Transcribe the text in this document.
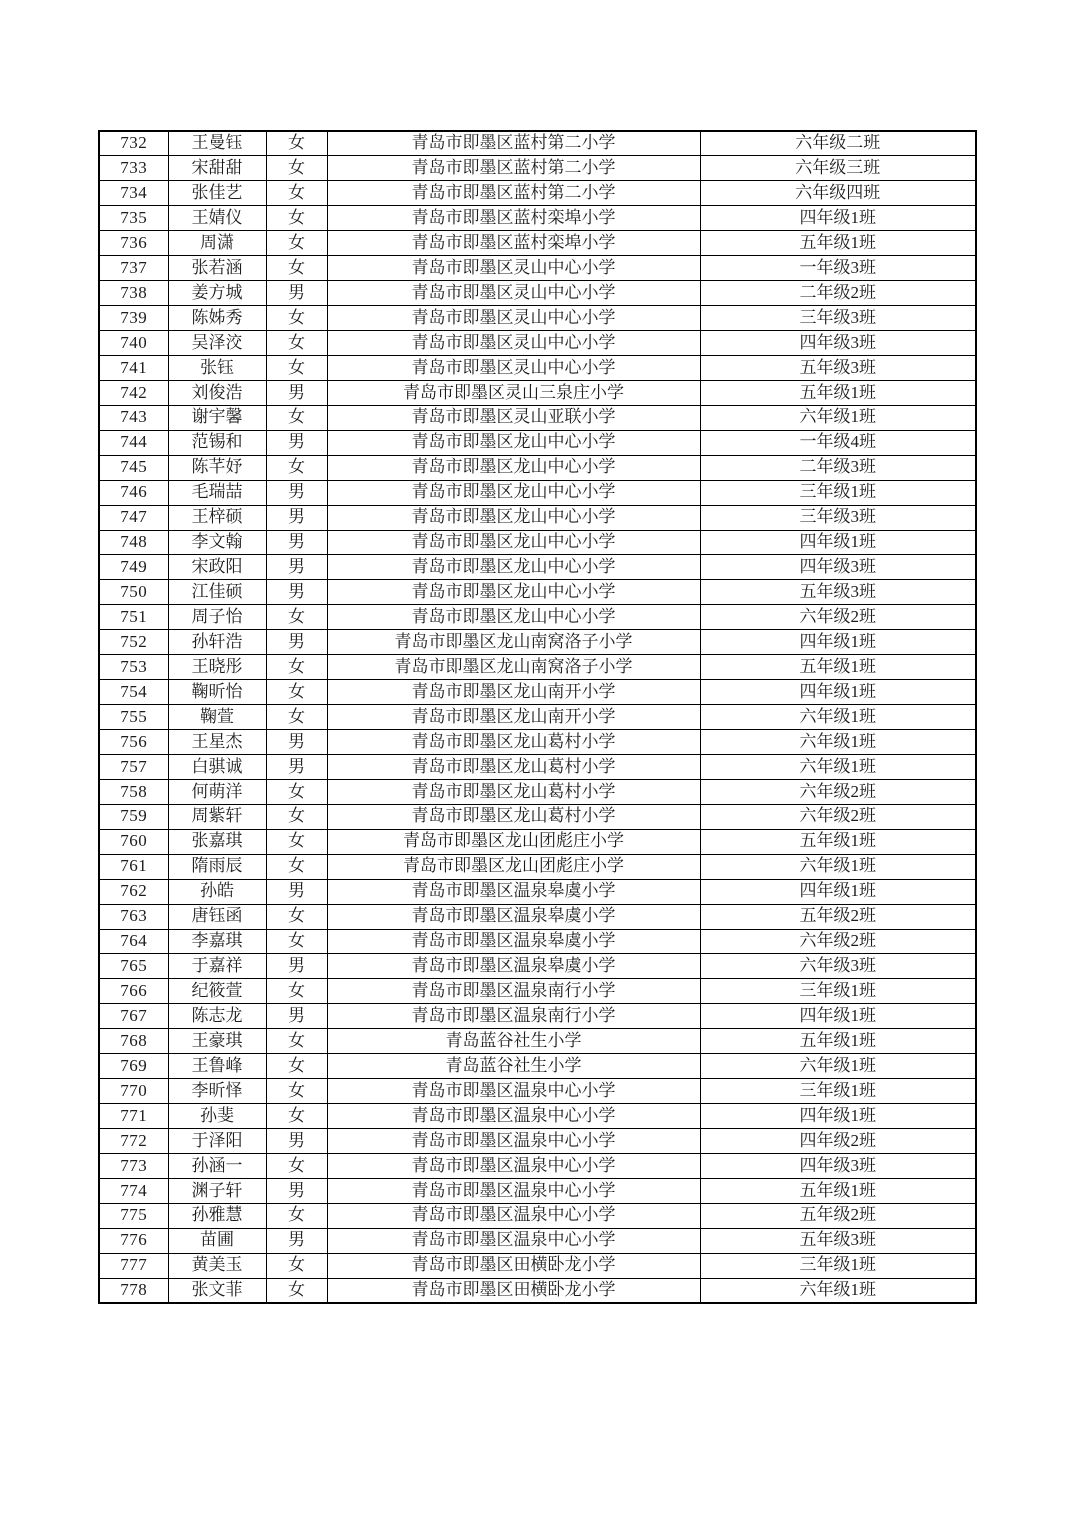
732	王曼钰	女	青岛市即墨区蓝村第二小学	六年级二班
733	宋甜甜	女	青岛市即墨区蓝村第二小学	六年级三班
734	张佳艺	女	青岛市即墨区蓝村第二小学	六年级四班
735	王婧仪	女	青岛市即墨区蓝村栾埠小学	四年级1班
736	周潇	女	青岛市即墨区蓝村栾埠小学	五年级1班
737	张若涵	女	青岛市即墨区灵山中心小学	一年级3班
738	姜方城	男	青岛市即墨区灵山中心小学	二年级2班
739	陈姊秀	女	青岛市即墨区灵山中心小学	三年级3班
740	吴泽洨	女	青岛市即墨区灵山中心小学	四年级3班
741	张钰	女	青岛市即墨区灵山中心小学	五年级3班
742	刘俊浩	男	青岛市即墨区灵山三泉庄小学	五年级1班
743	谢宇馨	女	青岛市即墨区灵山亚联小学	六年级1班
744	范锡和	男	青岛市即墨区龙山中心小学	一年级4班
745	陈芊妤	女	青岛市即墨区龙山中心小学	二年级3班
746	毛瑞喆	男	青岛市即墨区龙山中心小学	三年级1班
747	王梓硕	男	青岛市即墨区龙山中心小学	三年级3班
748	李文翰	男	青岛市即墨区龙山中心小学	四年级1班
749	宋政阳	男	青岛市即墨区龙山中心小学	四年级3班
750	江佳硕	男	青岛市即墨区龙山中心小学	五年级3班
751	周子怡	女	青岛市即墨区龙山中心小学	六年级2班
752	孙轩浩	男	青岛市即墨区龙山南窝洛子小学	四年级1班
753	王晓彤	女	青岛市即墨区龙山南窝洛子小学	五年级1班
754	鞠昕怡	女	青岛市即墨区龙山南开小学	四年级1班
755	鞠萱	女	青岛市即墨区龙山南开小学	六年级1班
756	王星杰	男	青岛市即墨区龙山葛村小学	六年级1班
757	白骐诚	男	青岛市即墨区龙山葛村小学	六年级1班
758	何萌洋	女	青岛市即墨区龙山葛村小学	六年级2班
759	周紫轩	女	青岛市即墨区龙山葛村小学	六年级2班
760	张嘉琪	女	青岛市即墨区龙山团彪庄小学	五年级1班
761	隋雨辰	女	青岛市即墨区龙山团彪庄小学	六年级1班
762	孙皓	男	青岛市即墨区温泉皋虞小学	四年级1班
763	唐钰函	女	青岛市即墨区温泉皋虞小学	五年级2班
764	李嘉琪	女	青岛市即墨区温泉皋虞小学	六年级2班
765	于嘉祥	男	青岛市即墨区温泉皋虞小学	六年级3班
766	纪筱萱	女	青岛市即墨区温泉南行小学	三年级1班
767	陈志龙	男	青岛市即墨区温泉南行小学	四年级1班
768	王豪琪	女	青岛蓝谷社生小学	五年级1班
769	王鲁峰	女	青岛蓝谷社生小学	六年级1班
770	李昕怿	女	青岛市即墨区温泉中心小学	三年级1班
771	孙斐	女	青岛市即墨区温泉中心小学	四年级1班
772	于泽阳	男	青岛市即墨区温泉中心小学	四年级2班
773	孙涵一	女	青岛市即墨区温泉中心小学	四年级3班
774	渊子轩	男	青岛市即墨区温泉中心小学	五年级1班
775	孙雅慧	女	青岛市即墨区温泉中心小学	五年级2班
776	苗圃	男	青岛市即墨区温泉中心小学	五年级3班
777	黄美玉	女	青岛市即墨区田横卧龙小学	三年级1班
778	张文菲	女	青岛市即墨区田横卧龙小学	六年级1班
